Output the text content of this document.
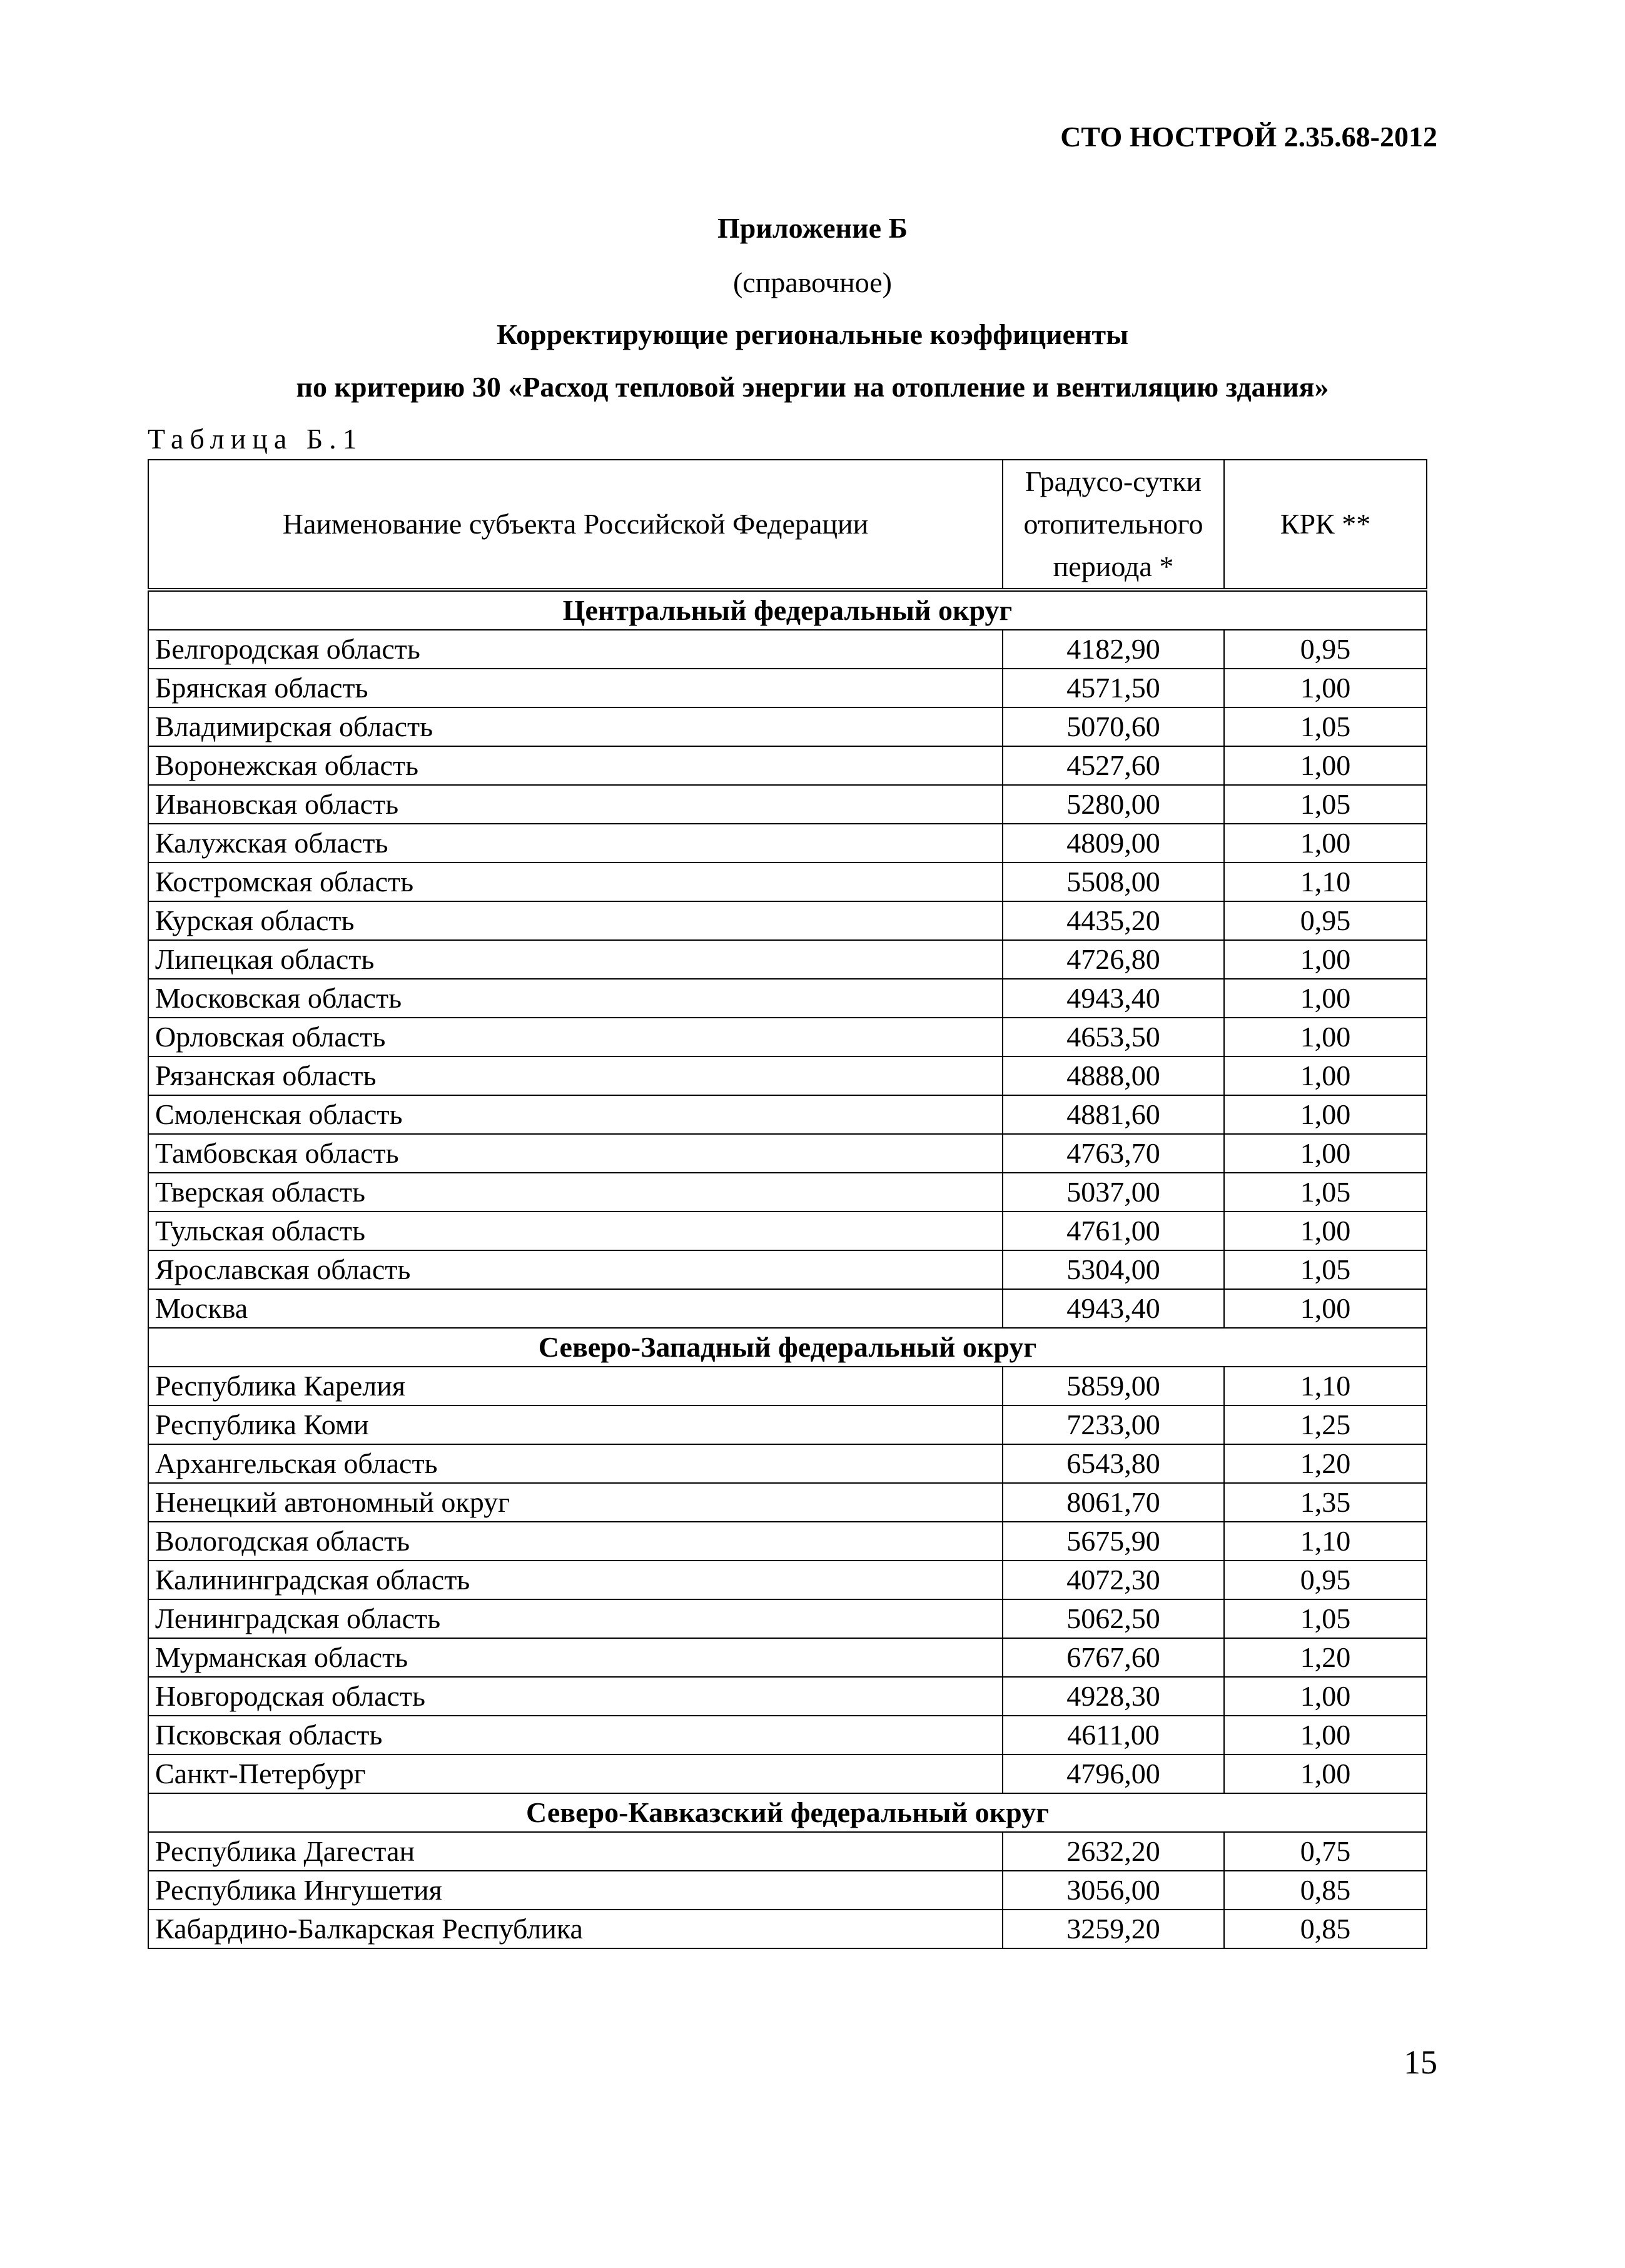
СТО НОСТРОЙ 2.35.68-2012
Приложение Б
(справочное)
Корректирующие региональные коэффициенты
по критерию 30 «Расход тепловой энергии на отопление и вентиляцию здания»
Таблица Б.1
Наименование субъекта Российской Федерации	Градусо-сутки отопительного периода *	КРК **
Центральный федеральный округ		
Белгородская область	4182,90	0,95
Брянская область	4571,50	1,00
Владимирская область	5070,60	1,05
Воронежская область	4527,60	1,00
Ивановская область	5280,00	1,05
Калужская область	4809,00	1,00
Костромская область	5508,00	1,10
Курская область	4435,20	0,95
Липецкая область	4726,80	1,00
Московская область	4943,40	1,00
Орловская область	4653,50	1,00
Рязанская область	4888,00	1,00
Смоленская область	4881,60	1,00
Тамбовская область	4763,70	1,00
Тверская область	5037,00	1,05
Тульская область	4761,00	1,00
Ярославская область	5304,00	1,05
Москва	4943,40	1,00
Северо-Западный федеральный округ		
Республика Карелия	5859,00	1,10
Республика Коми	7233,00	1,25
Архангельская область	6543,80	1,20
Ненецкий автономный округ	8061,70	1,35
Вологодская область	5675,90	1,10
Калининградская область	4072,30	0,95
Ленинградская область	5062,50	1,05
Мурманская область	6767,60	1,20
Новгородская область	4928,30	1,00
Псковская область	4611,00	1,00
Санкт-Петербург	4796,00	1,00
Северо-Кавказский федеральный округ		
Республика Дагестан	2632,20	0,75
Республика Ингушетия	3056,00	0,85
Кабардино-Балкарская Республика	3259,20	0,85
15
